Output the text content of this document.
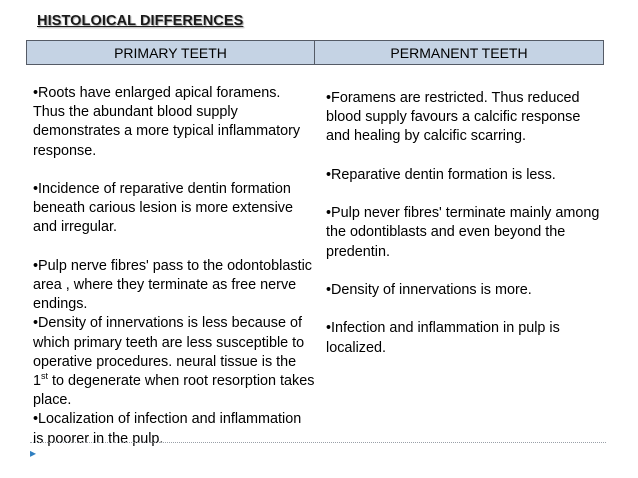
HISTOLOICAL DIFFERENCES
PRIMARY TEETH	PERMANENT TEETH

•Roots have enlarged apical foramens. Thus the abundant blood supply demonstrates a more typical inflammatory response.

•Incidence of reparative dentin formation beneath carious lesion is more extensive and irregular.

•Pulp nerve fibres' pass to the odontoblastic area , where they terminate as free nerve endings.

•Density of innervations is less because of which primary teeth are less susceptible to operative procedures. neural tissue is the 1st to degenerate when root resorption takes place.

•Localization of infection and inflammation is poorer in the pulp.

•Foramens are restricted. Thus reduced blood supply favours a calcific response and healing by calcific scarring.

•Reparative dentin formation is less.

•Pulp never fibres' terminate mainly among the odontiblasts and even beyond the predentin.

•Density of innervations is more.

•Infection and inflammation in pulp is localized.

▸
